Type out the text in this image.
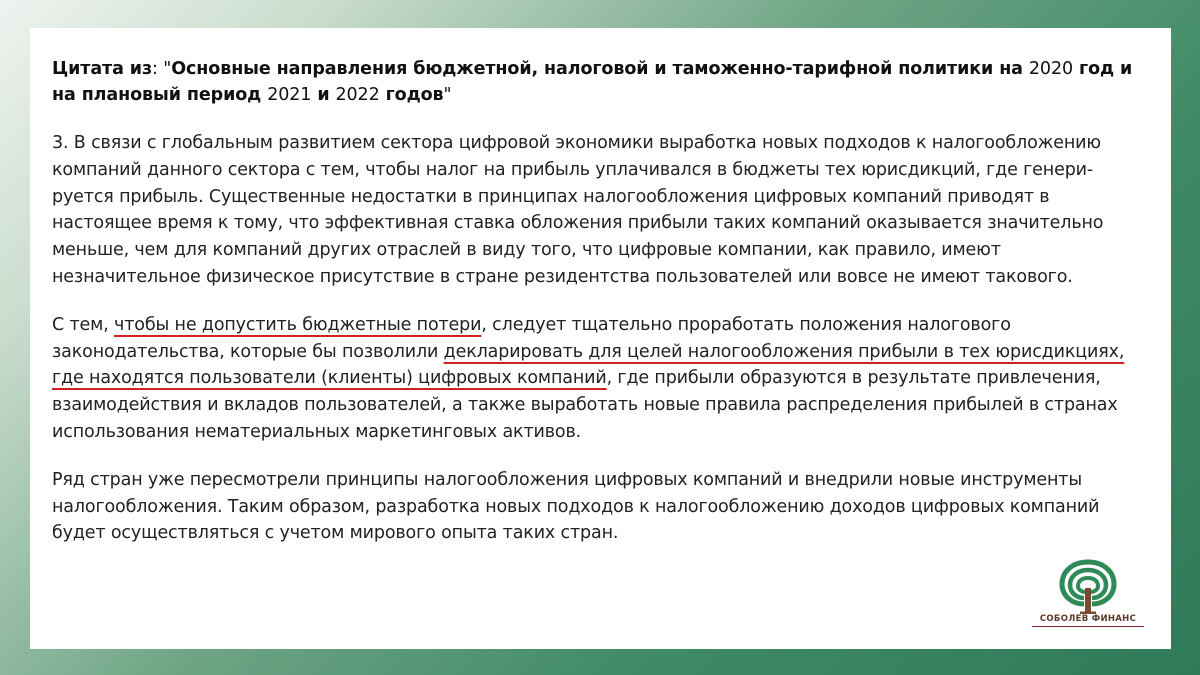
Цитата из: "Основные направления бюджетной, налоговой и таможенно-тарифной политики на 2020 год и на плановый период 2021 и 2022 годов"

3. В связи с глобальным развитием сектора цифровой экономики выработка новых подходов к налогообложению компаний данного сектора с тем, чтобы налог на прибыль уплачивался в бюджеты тех юрисдикций, где генери-руется прибыль. Существенные недостатки в принципах налогообложения цифровых компаний приводят в настоящее время к тому, что эффективная ставка обложения прибыли таких компаний оказывается значительно меньше, чем для компаний других отраслей в виду того, что цифровые компании, как правило, имеют незначительное физическое присутствие в стране резидентства пользователей или вовсе не имеют такового.

С тем, чтобы не допустить бюджетные потери, следует тщательно проработать положения налогового законодательства, которые бы позволили декларировать для целей налогообложения прибыли в тех юрисдикциях, где находятся пользователи (клиенты) цифровых компаний, где прибыли образуются в результате привлечения, взаимодействия и вкладов пользователей, а также выработать новые правила распределения прибылей в странах использования нематериальных маркетинговых активов.

Ряд стран уже пересмотрели принципы налогообложения цифровых компаний и внедрили новые инструменты налогообложения. Таким образом, разработка новых подходов к налогообложению доходов цифровых компаний будет осуществляться с учетом мирового опыта таких стран.

СОБОЛЕВ ФИНАНС
